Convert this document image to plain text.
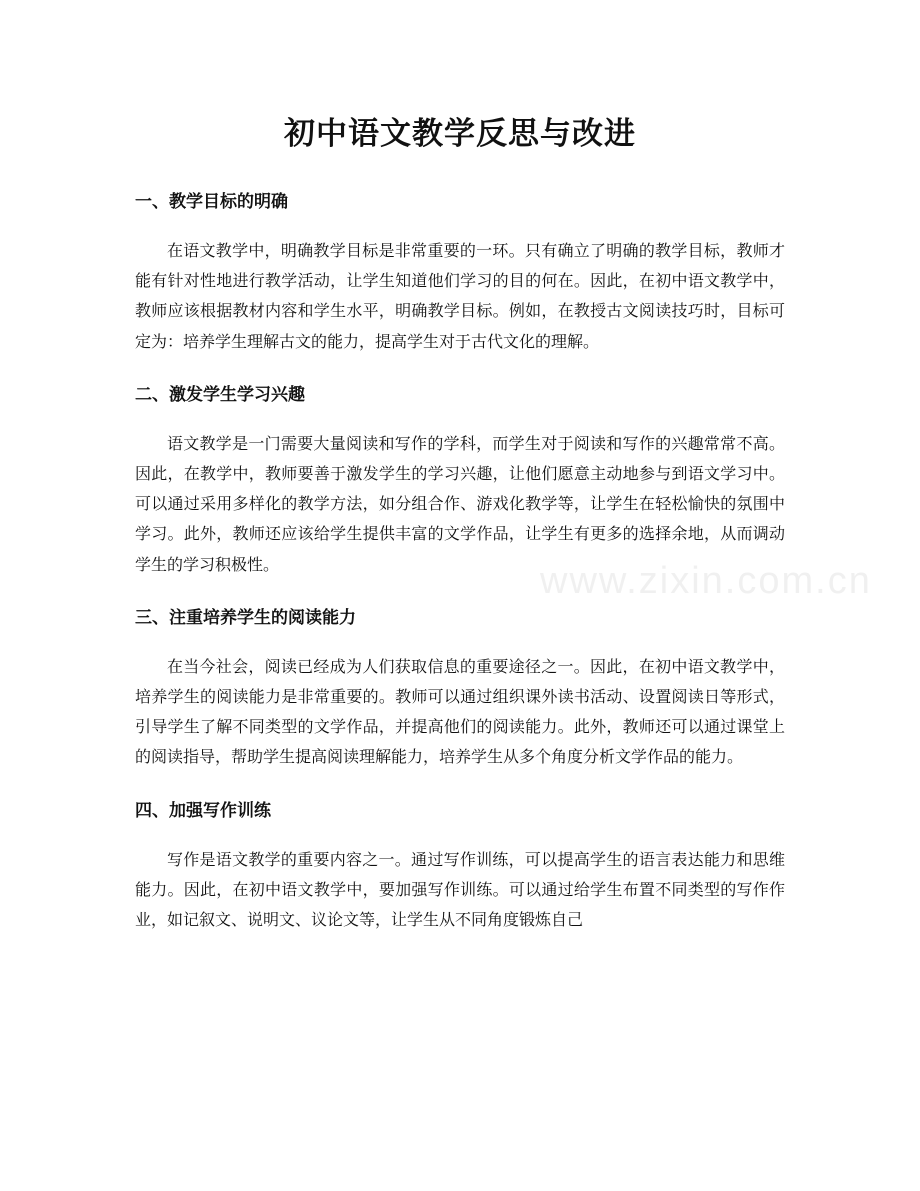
初中语文教学反思与改进
www.zixin.com.cn
一、教学目标的明确

在语文教学中，明确教学目标是非常重要的一环。只有确立了明确的教学目标，教师才能有针对性地进行教学活动，让学生知道他们学习的目的何在。因此，在初中语文教学中，教师应该根据教材内容和学生水平，明确教学目标。例如，在教授古文阅读技巧时，目标可定为：培养学生理解古文的能力，提高学生对于古代文化的理解。

二、激发学生学习兴趣

语文教学是一门需要大量阅读和写作的学科，而学生对于阅读和写作的兴趣常常不高。因此，在教学中，教师要善于激发学生的学习兴趣，让他们愿意主动地参与到语文学习中。可以通过采用多样化的教学方法，如分组合作、游戏化教学等，让学生在轻松愉快的氛围中学习。此外，教师还应该给学生提供丰富的文学作品，让学生有更多的选择余地，从而调动学生的学习积极性。

三、注重培养学生的阅读能力

在当今社会，阅读已经成为人们获取信息的重要途径之一。因此，在初中语文教学中，培养学生的阅读能力是非常重要的。教师可以通过组织课外读书活动、设置阅读日等形式，引导学生了解不同类型的文学作品，并提高他们的阅读能力。此外，教师还可以通过课堂上的阅读指导，帮助学生提高阅读理解能力，培养学生从多个角度分析文学作品的能力。

四、加强写作训练

写作是语文教学的重要内容之一。通过写作训练，可以提高学生的语言表达能力和思维能力。因此，在初中语文教学中，要加强写作训练。可以通过给学生布置不同类型的写作作业，如记叙文、说明文、议论文等，让学生从不同角度锻炼自己
